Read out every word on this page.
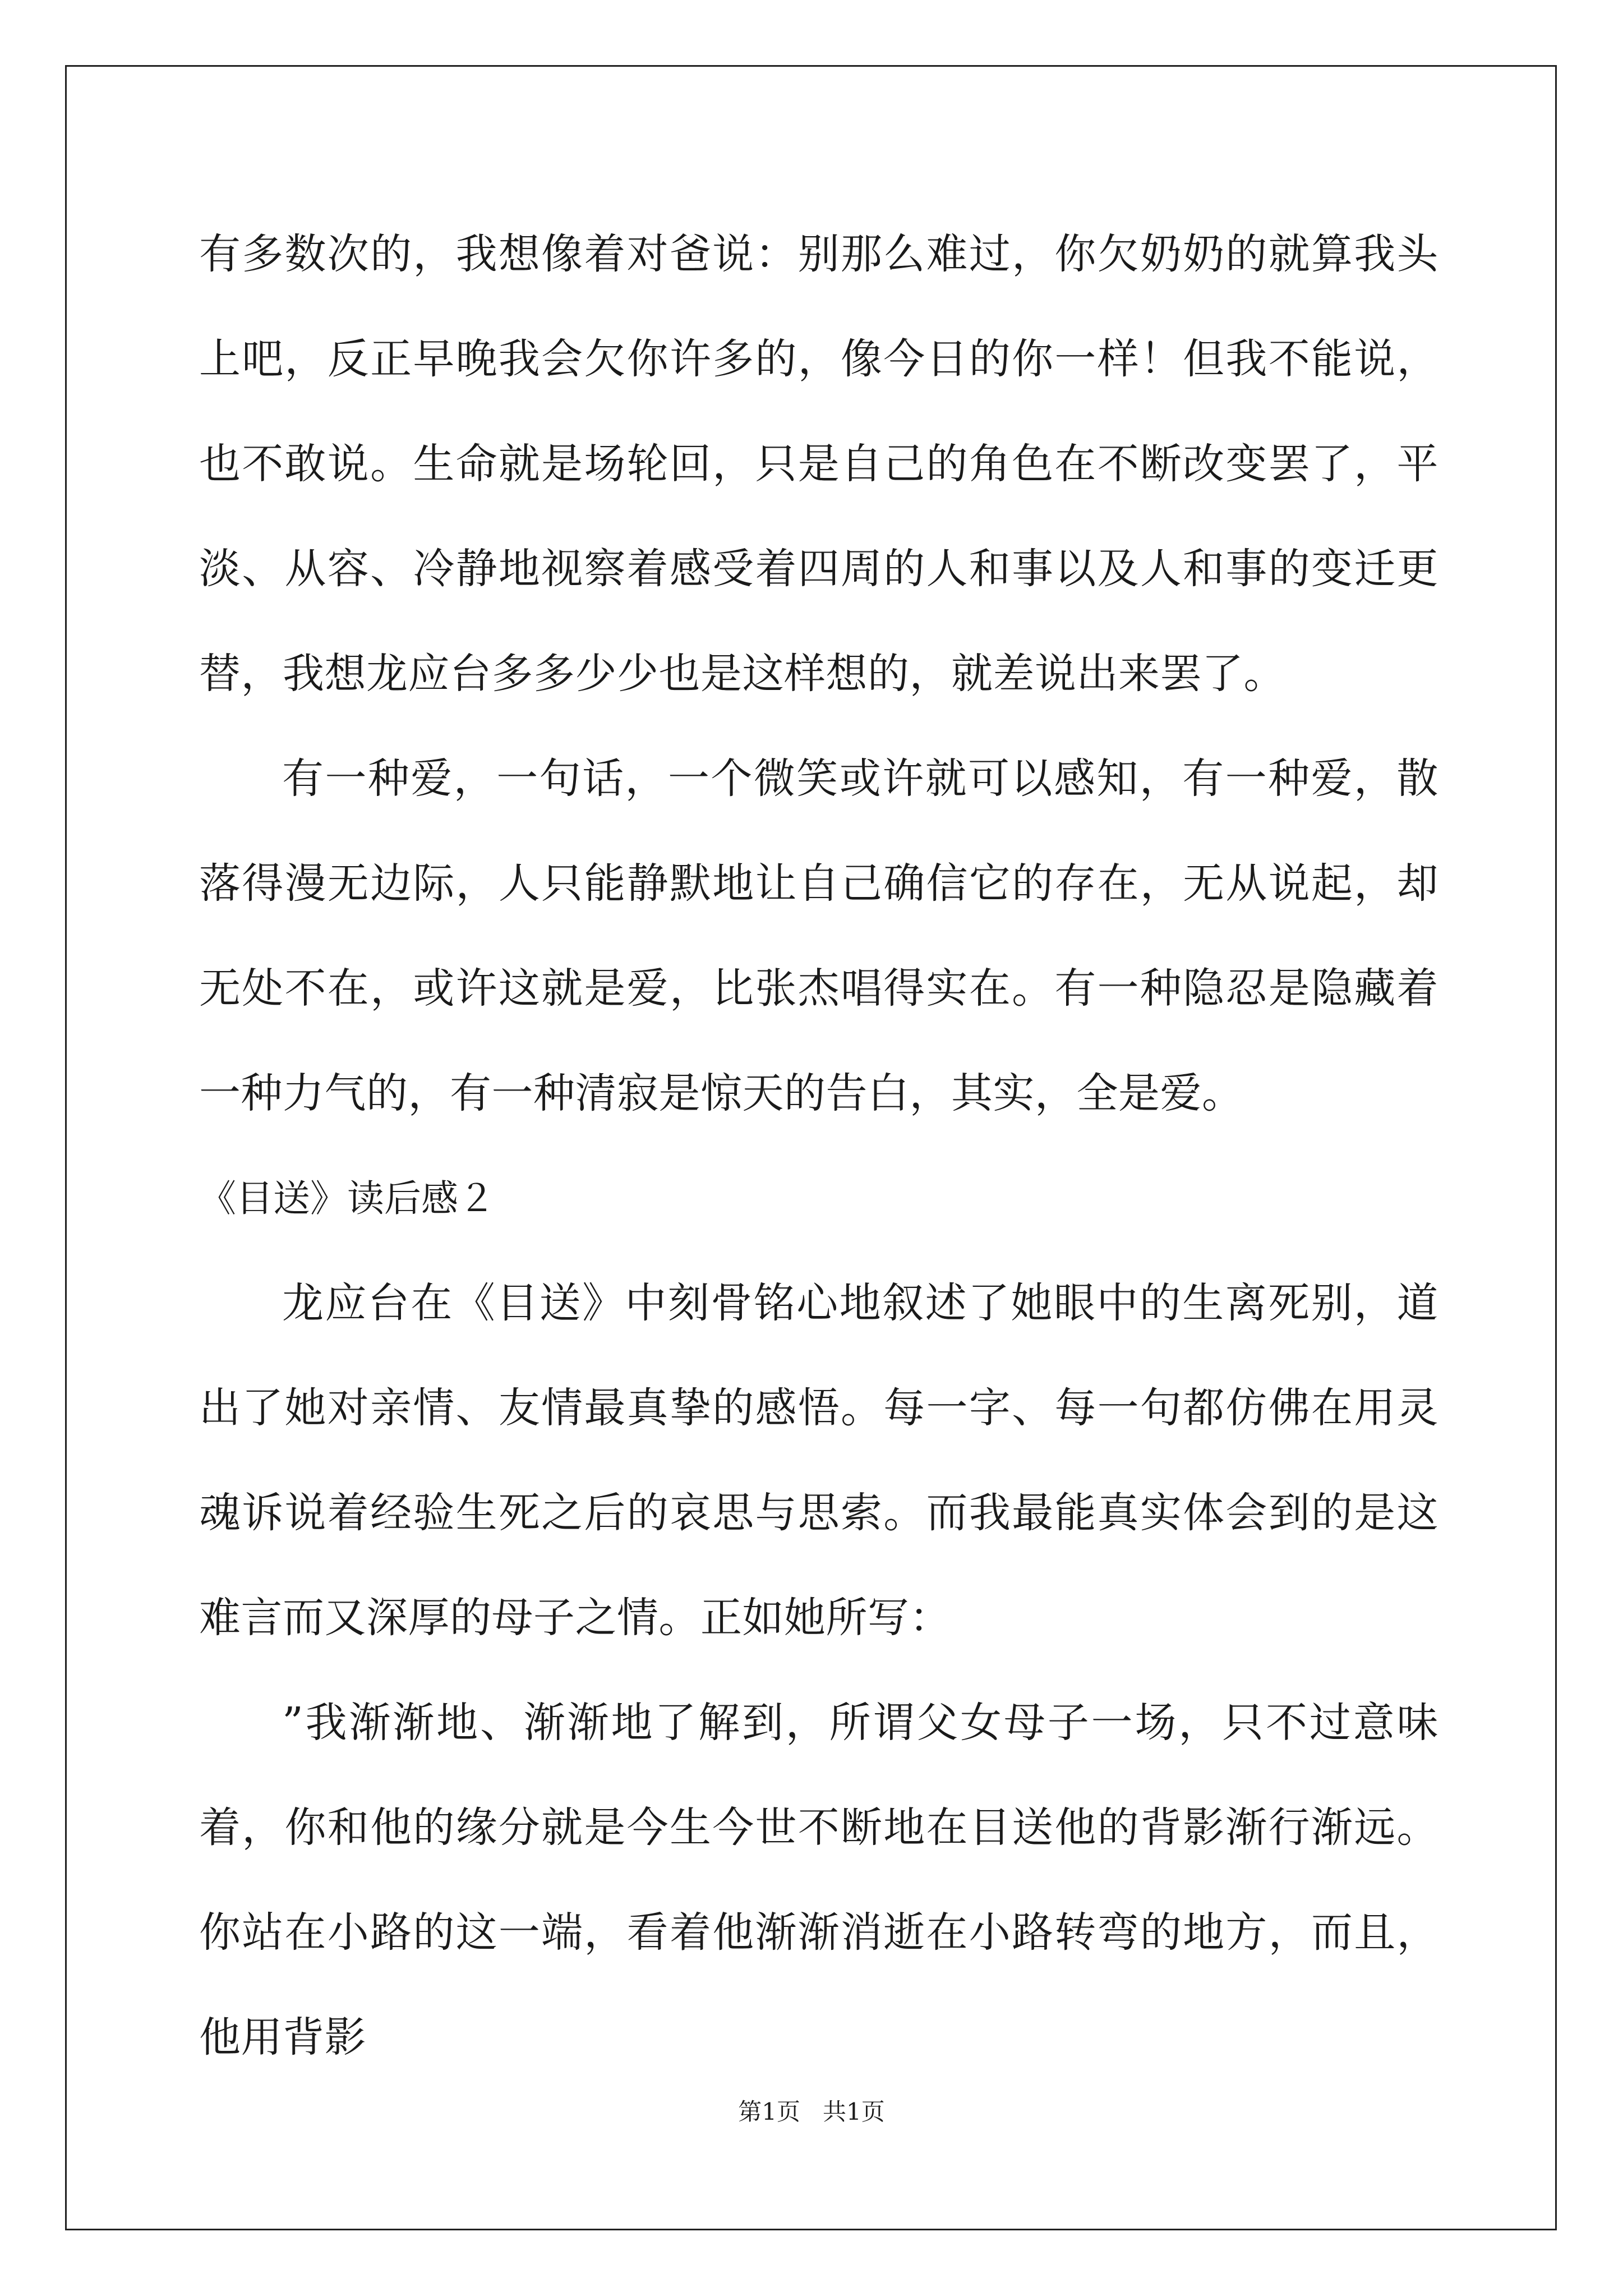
有多数次的，我想像着对爸说：别那么难过，你欠奶奶的就算我头上吧，反正早晚我会欠你许多的，像今日的你一样！但我不能说，也不敢说。生命就是场轮回，只是自己的角色在不断改变罢了，平淡、从容、冷静地视察着感受着四周的人和事以及人和事的变迁更替，我想龙应台多多少少也是这样想的，就差说出来罢了。

有一种爱，一句话，一个微笑或许就可以感知，有一种爱，散落得漫无边际，人只能静默地让自己确信它的存在，无从说起，却无处不在，或许这就是爱，比张杰唱得实在。有一种隐忍是隐藏着一种力气的，有一种清寂是惊天的告白，其实，全是爱。

《目送》读后感２

龙应台在《目送》中刻骨铭心地叙述了她眼中的生离死别，道出了她对亲情、友情最真挚的感悟。每一字、每一句都仿佛在用灵魂诉说着经验生死之后的哀思与思索。而我最能真实体会到的是这难言而又深厚的母子之情。正如她所写：

”我渐渐地、渐渐地了解到，所谓父女母子一场，只不过意味着，你和他的缘分就是今生今世不断地在目送他的背影渐行渐远。你站在小路的这一端，看着他渐渐消逝在小路转弯的地方，而且，他用背影

第1页 共1页
